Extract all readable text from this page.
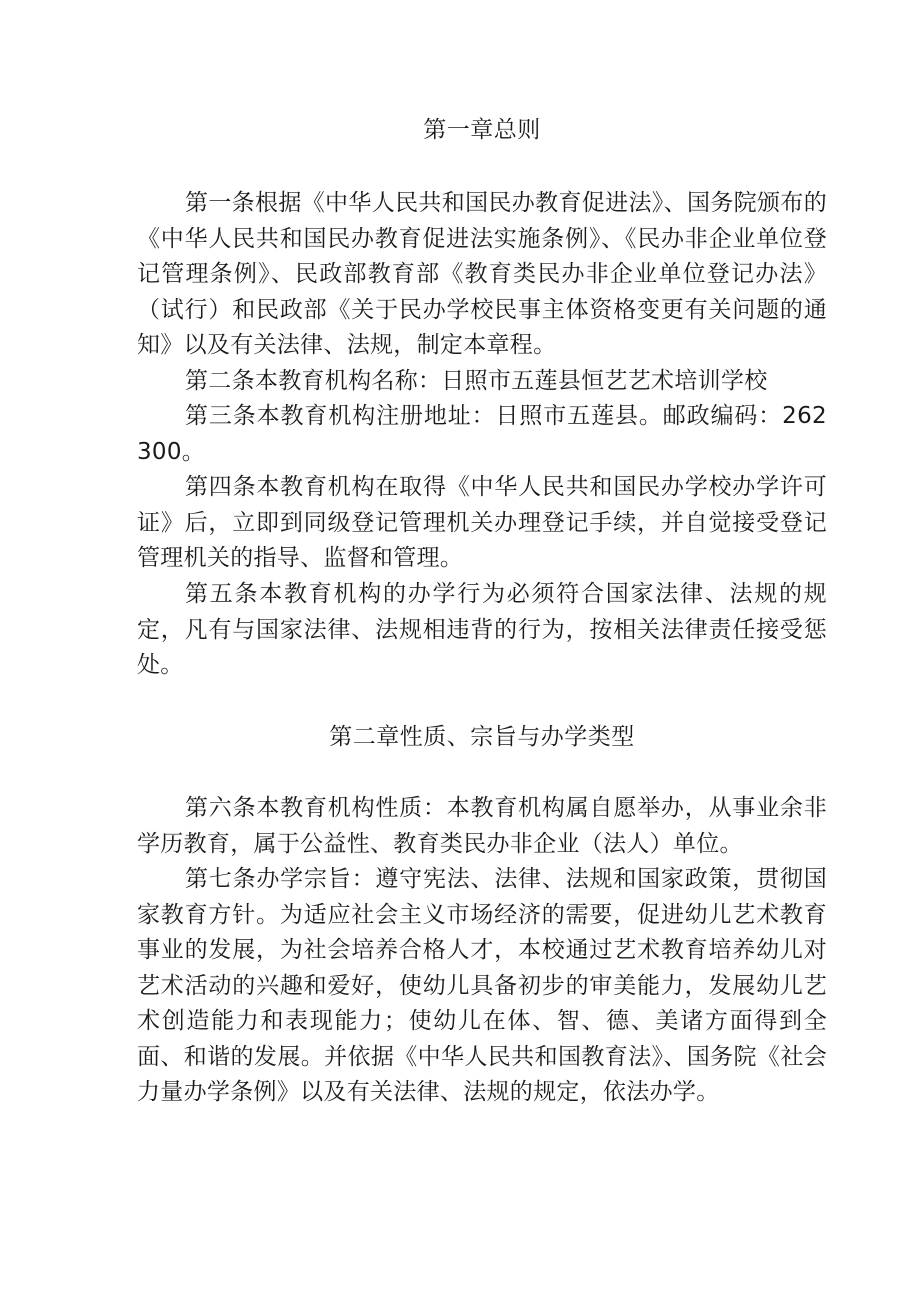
第一章总则

第一条根据《中华人民共和国民办教育促进法》、国务院颁布的《中华人民共和国民办教育促进法实施条例》、《民办非企业单位登记管理条例》、民政部教育部《教育类民办非企业单位登记办法》（试行）和民政部《关于民办学校民事主体资格变更有关问题的通知》以及有关法律、法规，制定本章程。

第二条本教育机构名称：日照市五莲县恒艺艺术培训学校

第三条本教育机构注册地址：日照市五莲县。邮政编码：262300。

第四条本教育机构在取得《中华人民共和国民办学校办学许可证》后，立即到同级登记管理机关办理登记手续，并自觉接受登记管理机关的指导、监督和管理。

第五条本教育机构的办学行为必须符合国家法律、法规的规定，凡有与国家法律、法规相违背的行为，按相关法律责任接受惩处。

第二章性质、宗旨与办学类型

第六条本教育机构性质：本教育机构属自愿举办，从事业余非学历教育，属于公益性、教育类民办非企业（法人）单位。

第七条办学宗旨：遵守宪法、法律、法规和国家政策，贯彻国家教育方针。为适应社会主义市场经济的需要，促进幼儿艺术教育事业的发展，为社会培养合格人才，本校通过艺术教育培养幼儿对艺术活动的兴趣和爱好，使幼儿具备初步的审美能力，发展幼儿艺术创造能力和表现能力；使幼儿在体、智、德、美诸方面得到全面、和谐的发展。并依据《中华人民共和国教育法》、国务院《社会力量办学条例》以及有关法律、法规的规定，依法办学。
